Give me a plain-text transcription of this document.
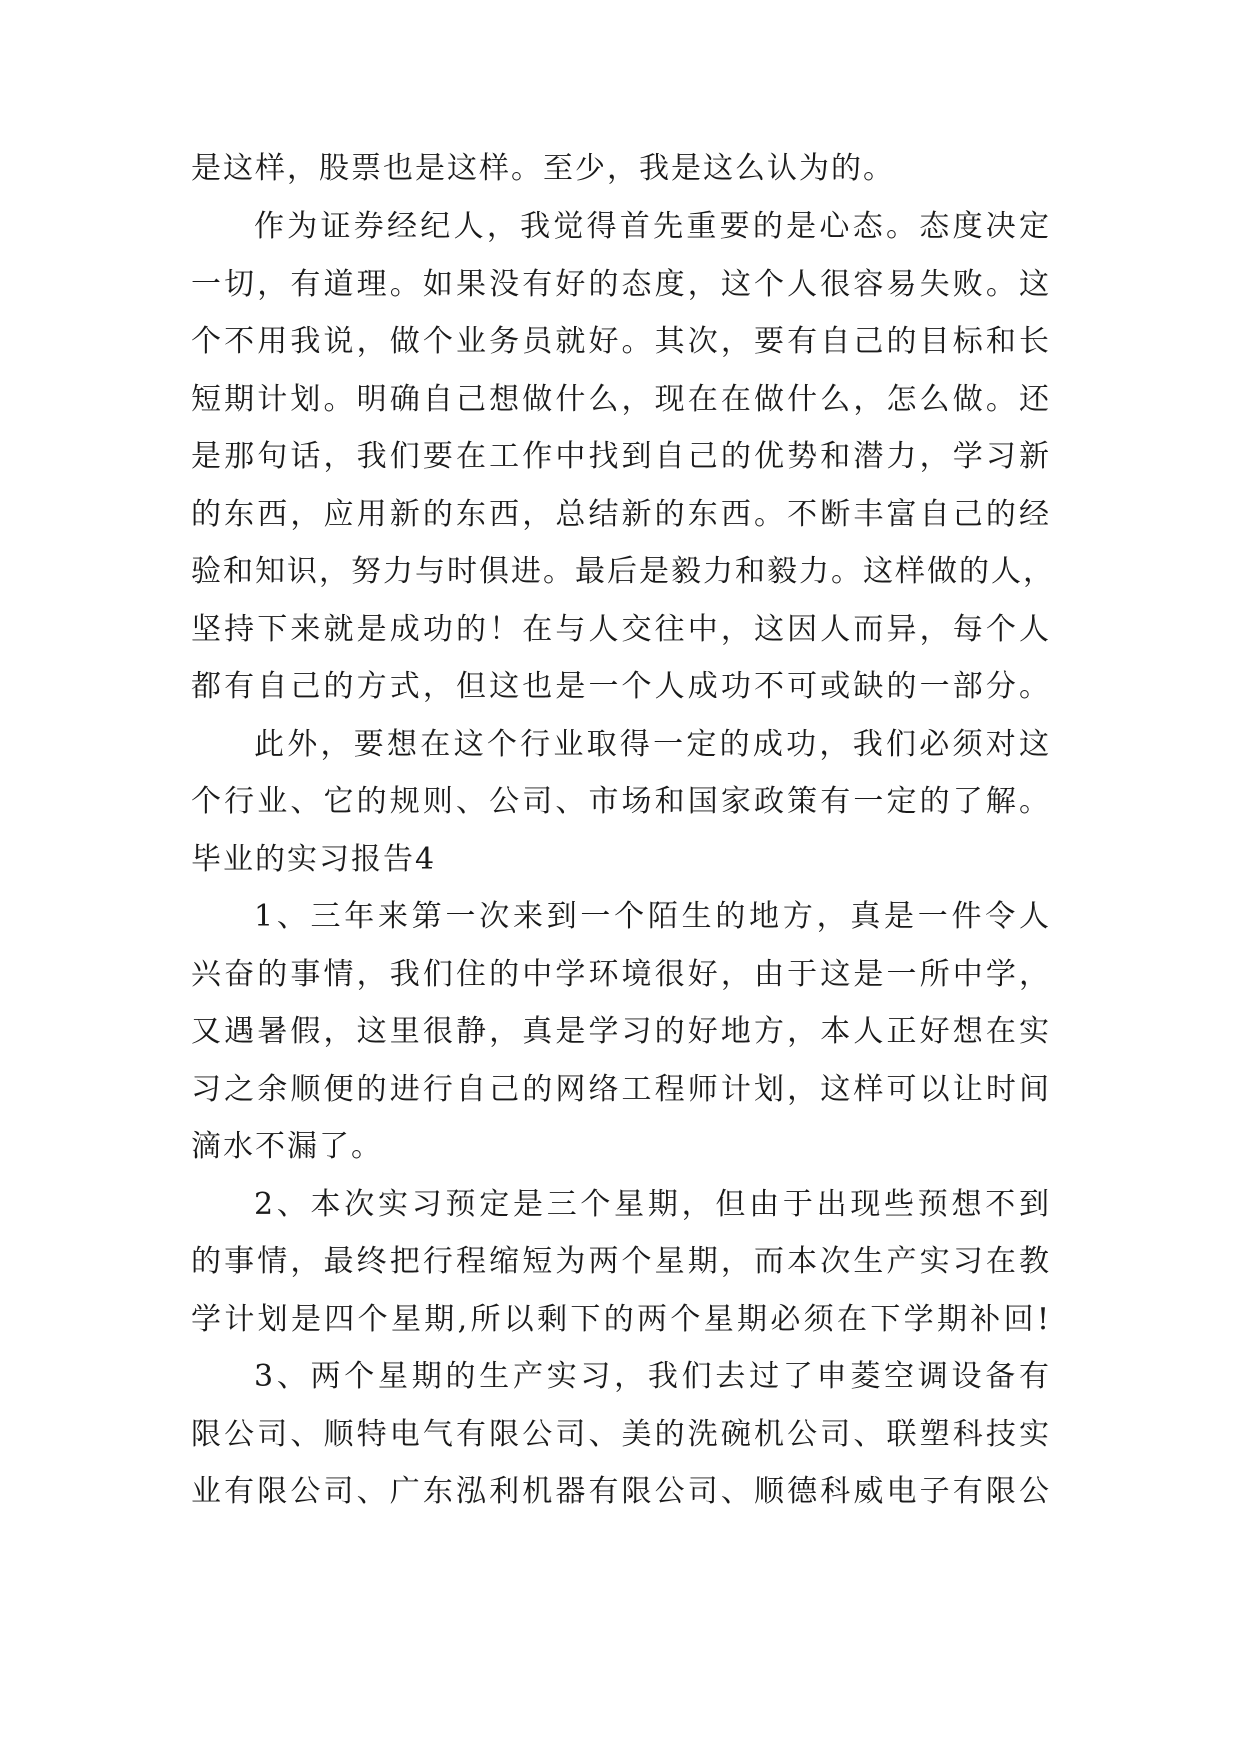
是这样，股票也是这样。至少，我是这么认为的。
作为证券经纪人，我觉得首先重要的是心态。态度决定
一切，有道理。如果没有好的态度，这个人很容易失败。这
个不用我说，做个业务员就好。其次，要有自己的目标和长
短期计划。明确自己想做什么，现在在做什么，怎么做。还
是那句话，我们要在工作中找到自己的优势和潜力，学习新
的东西，应用新的东西，总结新的东西。不断丰富自己的经
验和知识，努力与时俱进。最后是毅力和毅力。这样做的人，
坚持下来就是成功的！在与人交往中，这因人而异，每个人
都有自己的方式，但这也是一个人成功不可或缺的一部分。
此外，要想在这个行业取得一定的成功，我们必须对这
个行业、它的规则、公司、市场和国家政策有一定的了解。
毕业的实习报告4
1、三年来第一次来到一个陌生的地方，真是一件令人
兴奋的事情，我们住的中学环境很好，由于这是一所中学，
又遇暑假，这里很静，真是学习的好地方，本人正好想在实
习之余顺便的进行自己的网络工程师计划，这样可以让时间
滴水不漏了。
2、本次实习预定是三个星期，但由于出现些预想不到
的事情，最终把行程缩短为两个星期，而本次生产实习在教
学计划是四个星期,所以剩下的两个星期必须在下学期补回!
3、两个星期的生产实习，我们去过了申菱空调设备有
限公司、顺特电气有限公司、美的洗碗机公司、联塑科技实
业有限公司、广东泓利机器有限公司、顺德科威电子有限公
